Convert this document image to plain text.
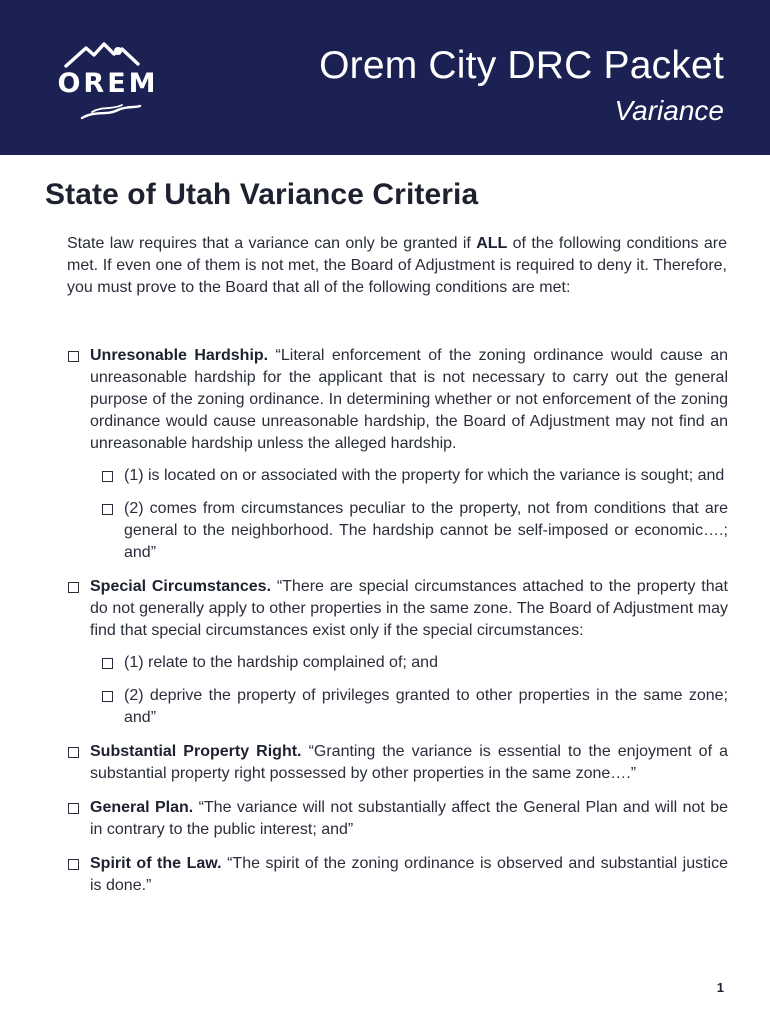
OREM	Orem City DRC Packet
Variance
State of Utah Variance Criteria

State law requires that a variance can only be granted if ALL of the following conditions are met. If even one of them is not met, the Board of Adjustment is required to deny it. Therefore, you must prove to the Board that all of the following conditions are met:

Unresonable Hardship. “Literal enforcement of the zoning ordinance would cause an unreasonable hardship for the applicant that is not necessary to carry out the general purpose of the zoning ordinance. In determining whether or not enforcement of the zoning ordinance would cause unreasonable hardship, the Board of Adjustment may not find an unreasonable hardship unless the alleged hardship.
(1) is located on or associated with the property for which the variance is sought; and
(2) comes from circumstances peculiar to the property, not from conditions that are general to the neighborhood. The hardship cannot be self-imposed or economic….; and”
Special Circumstances. “There are special circumstances attached to the property that do not generally apply to other properties in the same zone. The Board of Adjustment may find that special circumstances exist only if the special circumstances:
(1) relate to the hardship complained of; and
(2) deprive the property of privileges granted to other properties in the same zone; and”
Substantial Property Right. “Granting the variance is essential to the enjoyment of a substantial property right possessed by other properties in the same zone….”
General Plan. “The variance will not substantially affect the General Plan and will not be in contrary to the public interest; and”
Spirit of the Law. “The spirit of the zoning ordinance is observed and substantial justice is done.”
1
